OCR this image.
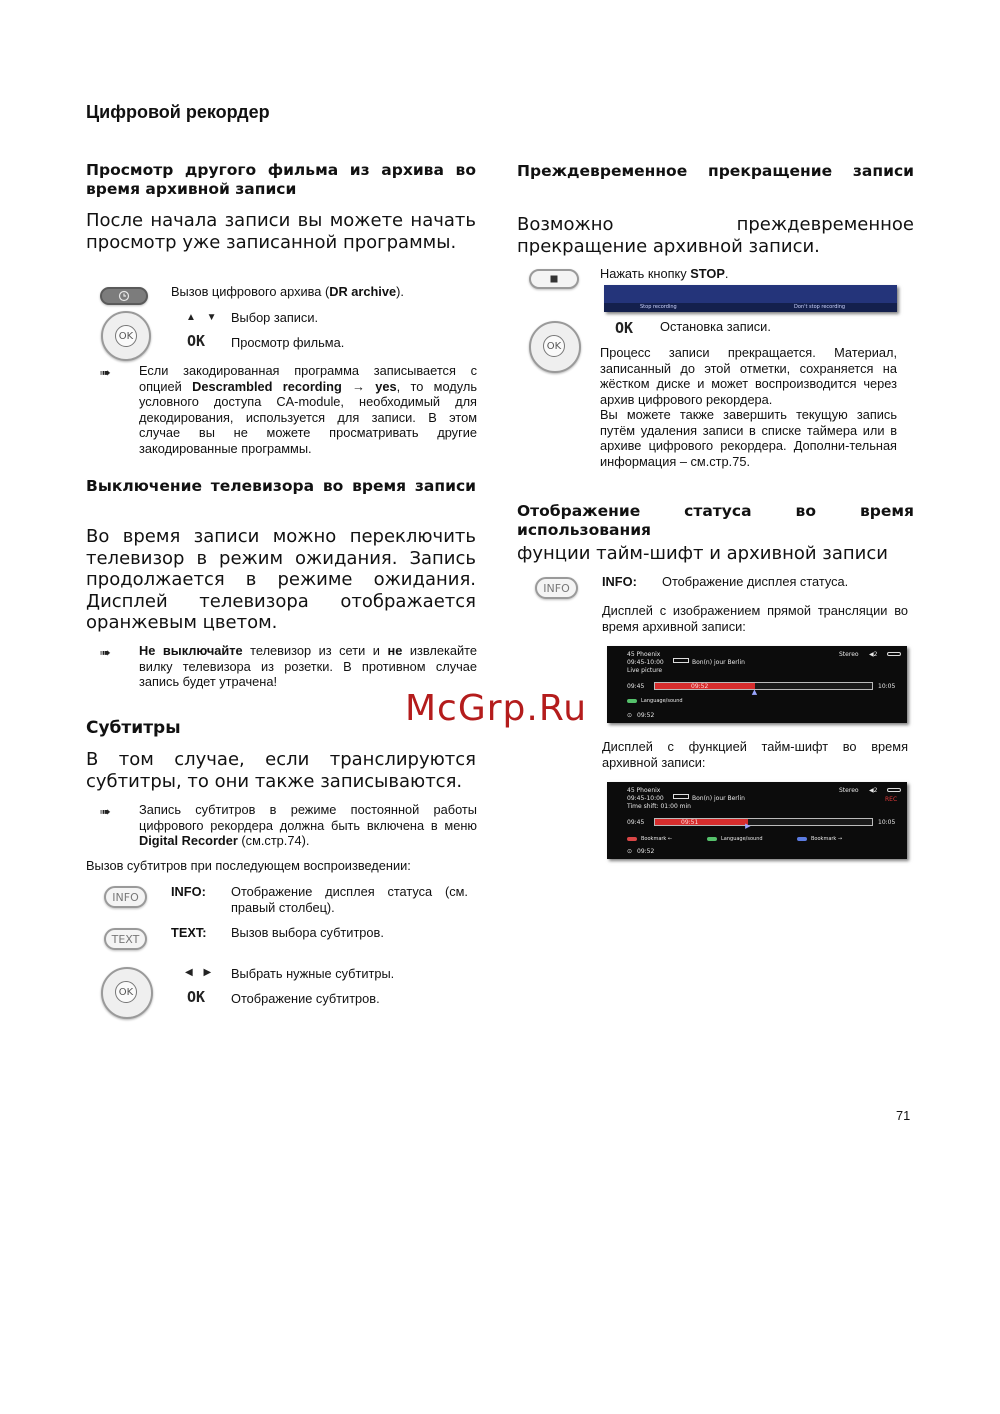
Цифровой рекордер
Просмотр другого фильма из архива во время архивной записи

После начала записи вы можете начать просмотр уже записанной программы.

Вызов цифрового архива (DR archive).

OK
▲ ▼ Выбор записи.

OK Просмотр фильма.

➠ Если закодированная программа записывается с опцией Descrambled recording → yes, то модуль условного доступа CA-module, необходимый для декодирования, используется для записи. В этом случае вы не можете просматривать другие закодированные программы.

Выключение телевизора во время записи

Во время записи можно переключить телевизор в режим ожидания. Запись продолжается в режиме ожидания. Дисплей телевизора отображается оранжевым цветом.

➠ Не выключайте телевизор из сети и не извлекайте вилку телевизора из розетки. В противном случае запись будет утрачена!

Субтитры

В том случае, если транслируются субтитры, то они также записываются.

➠ Запись субтитров в режиме постоянной работы цифрового рекордера должна быть включена в меню Digital Recorder (см.стр.74).

Вызов субтитров при последующем воспроизведении:

INFO	INFO: Отображение дисплея статуса (см. правый столбец).

TEXT	TEXT: Вызов выбора субтитров.

OK
◀ ▶ Выбрать нужные субтитры.

OK Отображение субтитров.

Преждевременное прекращение записи

Возможно преждевременное прекращение архивной записи.

Нажать кнопку STOP.

Stop recording	Don't stop recording
OK
OK Остановка записи.

Процесс записи прекращается. Материал, записанный до этой отметки, сохраняется на жёстком диске и может воспроизводится через архив цифрового рекордера.

Вы можете также завершить текущую запись путём удаления записи в списке таймера или в архиве цифрового рекордера. Дополни-тельная информация – см.стр.75.

Отображение статуса во время использования

фунции тайм-шифт и архивной записи

INFO	INFO: Отображение дисплея статуса.

Дисплей с изображением прямой трансляции во время архивной записи:

45 Phoenix
09:45-10:00	Bon(n) jour Berlin
Live picture
Stereo ◀2
09:45	09:52
▲
10:05
Language/sound
⊙ 09:52

Дисплей с функцией тайм-шифт во время архивной записи:

45 Phoenix
09:45-10:00	Bon(n) jour Berlin
Time shift: 01:00 min
Stereo ◀2
REC
09:45	09:51	▶	10:05
Bookmark ←	Language/sound	Bookmark →
⊙ 09:52
McGrp.Ru
71
